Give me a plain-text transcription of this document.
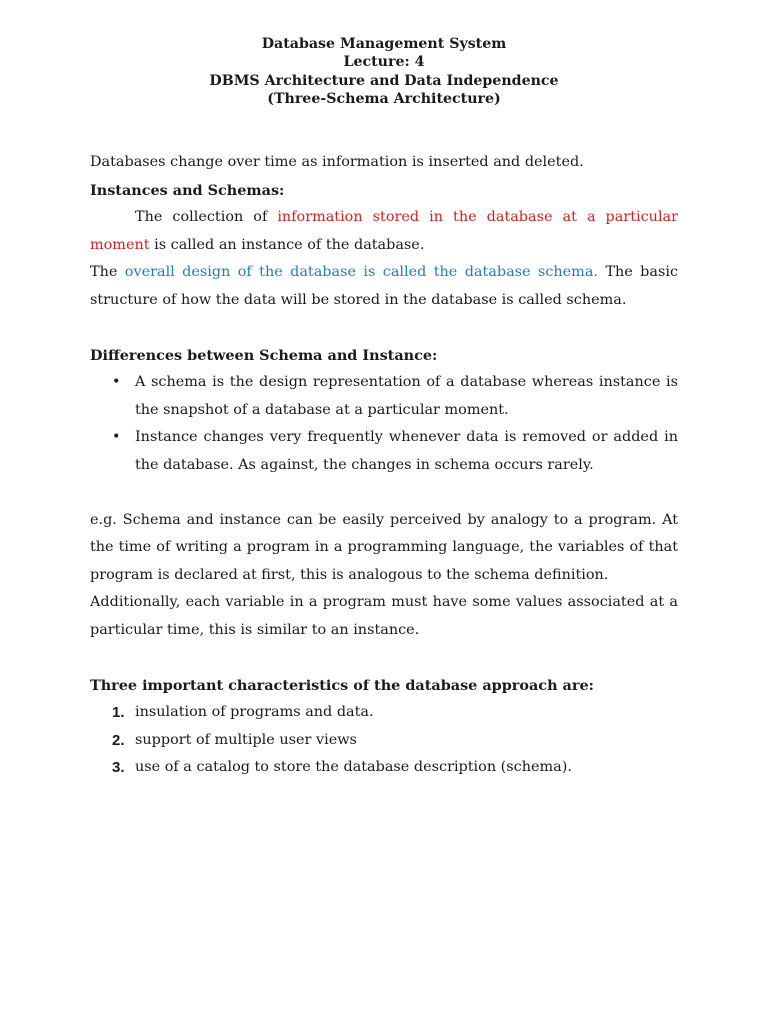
Database Management System
Lecture: 4
DBMS Architecture and Data Independence
(Three-Schema Architecture)

Databases change over time as information is inserted and deleted.

Instances and Schemas:

The collection of information stored in the database at a particular moment is called an instance of the database.

The overall design of the database is called the database schema. The basic structure of how the data will be stored in the database is called schema.

Differences between Schema and Instance:

• A schema is the design representation of a database whereas instance is the snapshot of a database at a particular moment.
• Instance changes very frequently whenever data is removed or added in the database. As against, the changes in schema occurs rarely.

e.g. Schema and instance can be easily perceived by analogy to a program. At the time of writing a program in a programming language, the variables of that program is declared at first, this is analogous to the schema definition.

Additionally, each variable in a program must have some values associated at a particular time, this is similar to an instance.

Three important characteristics of the database approach are:

1. insulation of programs and data.
2. support of multiple user views
3. use of a catalog to store the database description (schema).
